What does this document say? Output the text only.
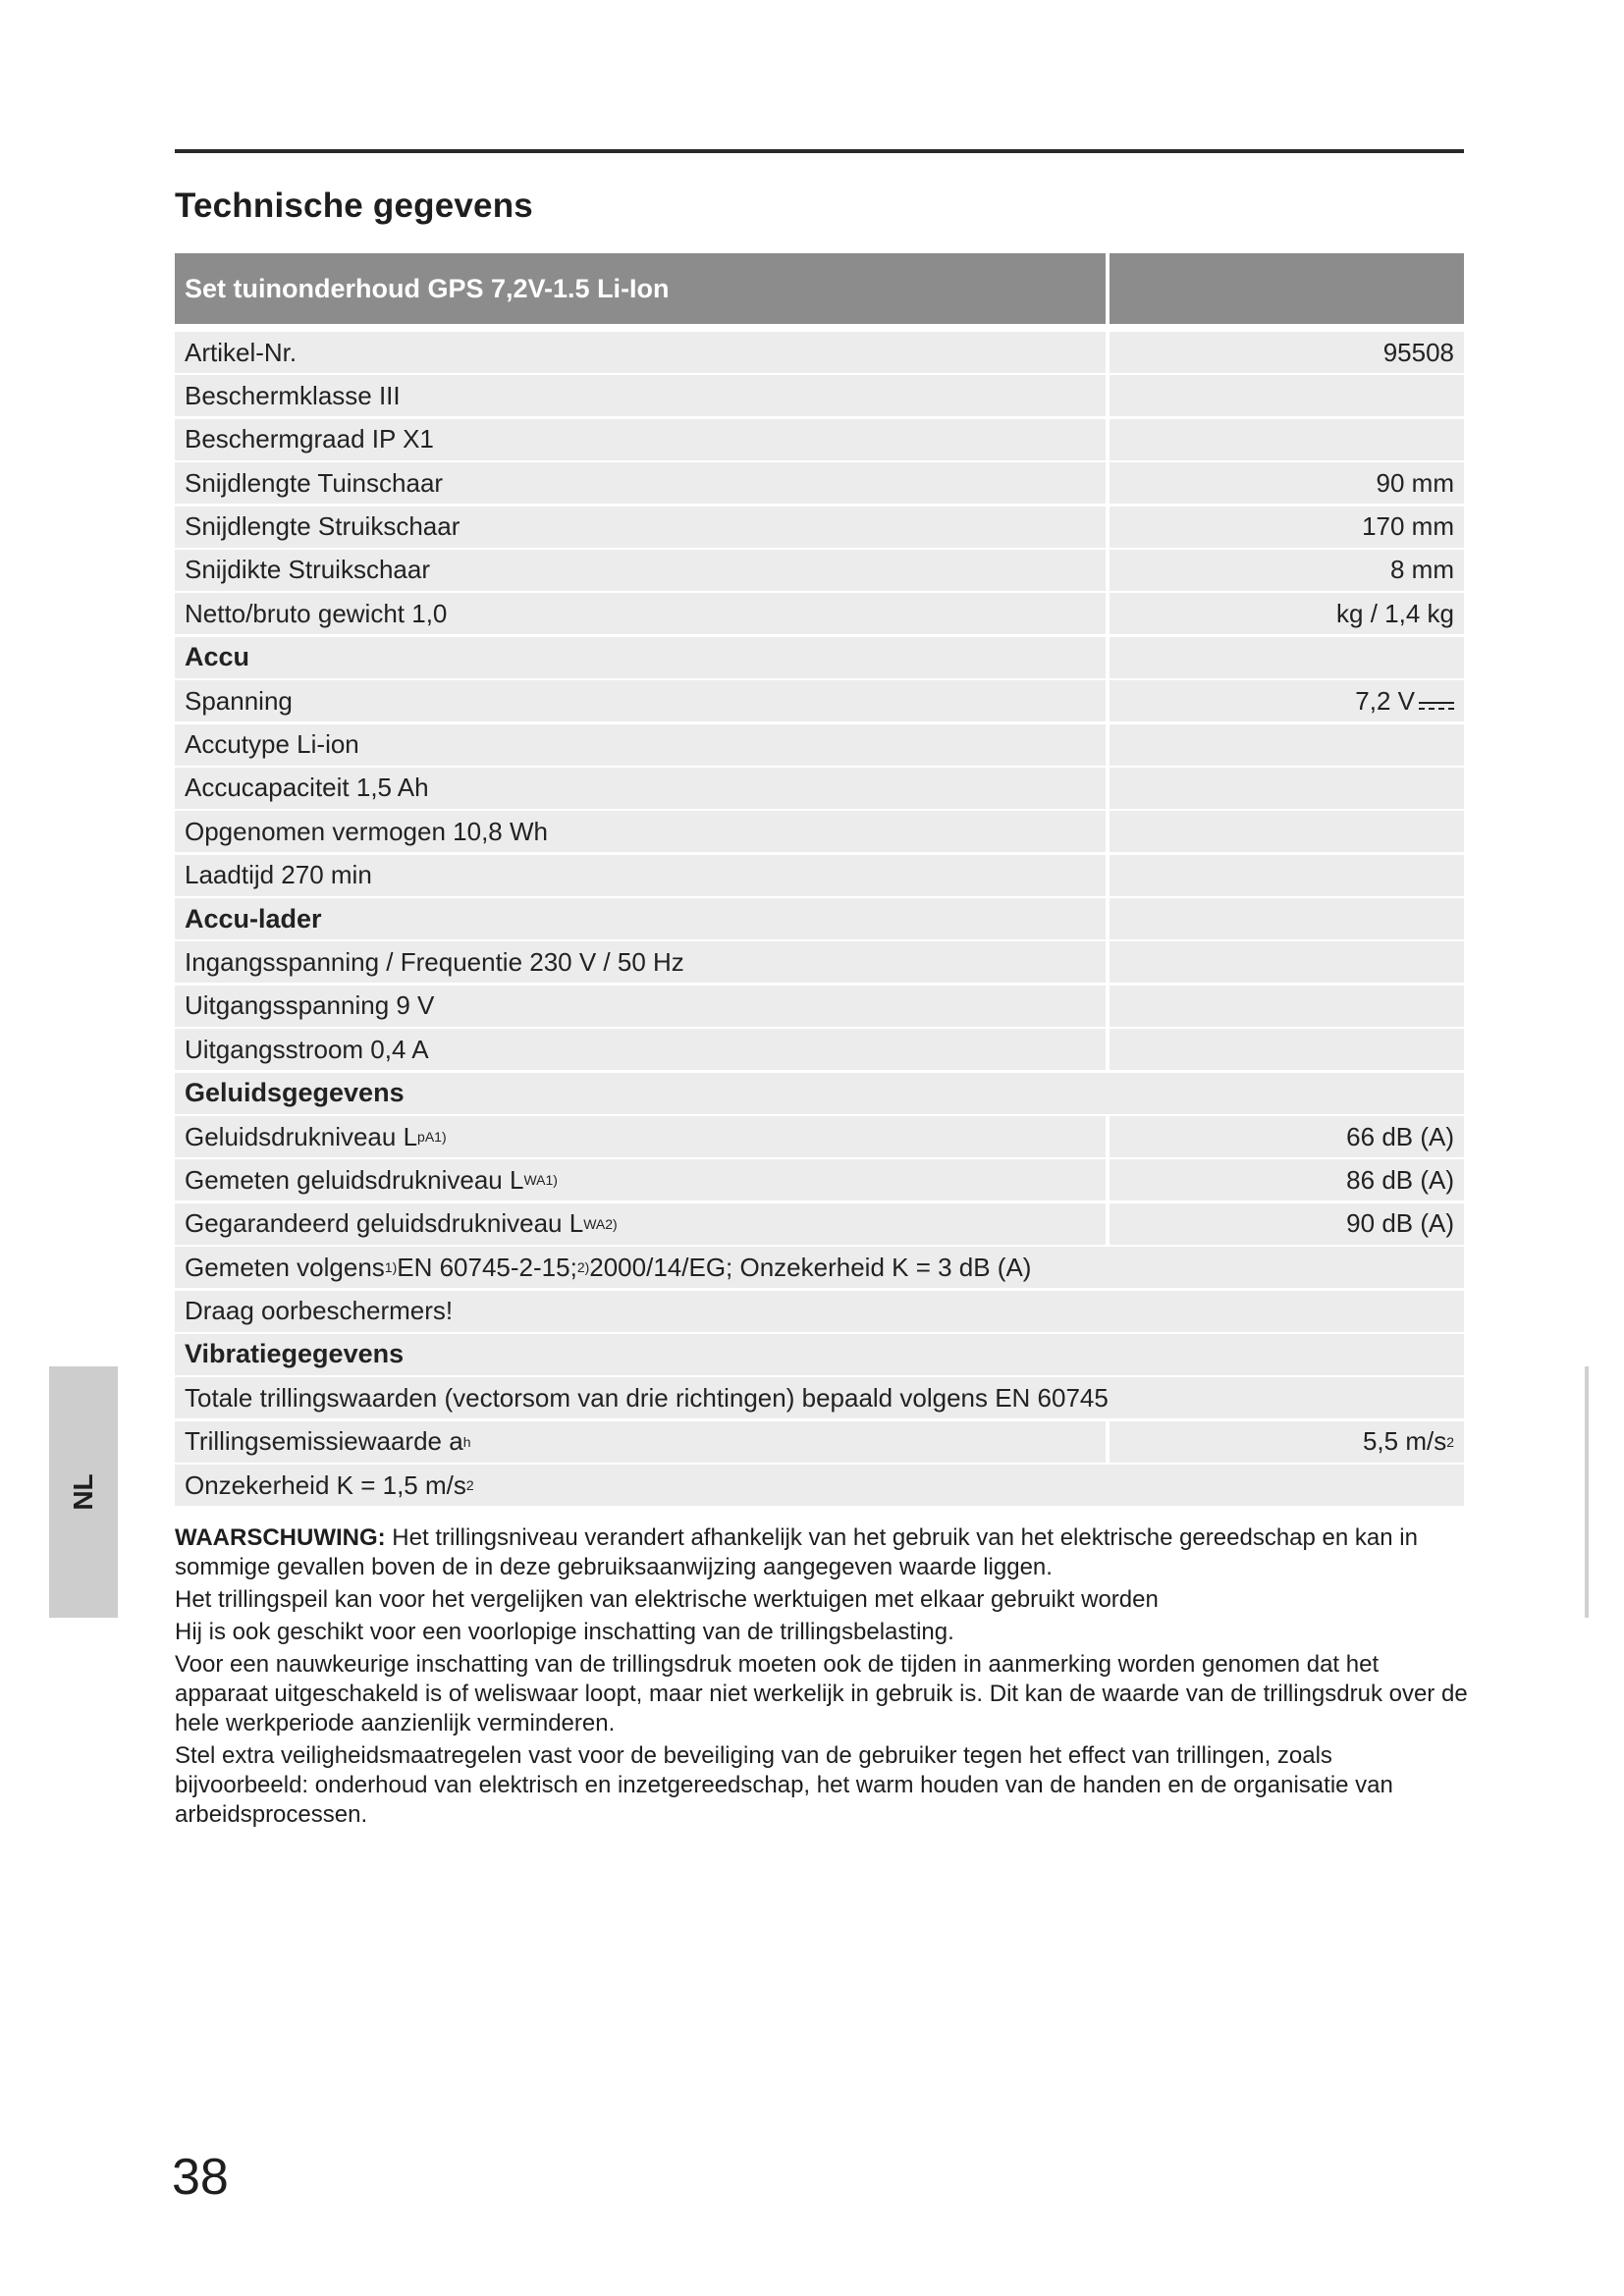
Technische gegevens
Set tuinonderhoud GPS 7,2V-1.5 Li-Ion
Artikel-Nr.	95508
Beschermklasse III
Beschermgraad IP X1
Snijdlengte Tuinschaar	90 mm
Snijdlengte Struikschaar	170 mm
Snijdikte Struikschaar	8 mm
Netto/bruto gewicht 1,0	kg / 1,4 kg
Accu
Spanning	7,2 V
Accutype Li-ion
Accucapaciteit 1,5 Ah
Opgenomen vermogen 10,8 Wh
Laadtijd 270 min
Accu-lader
Ingangsspanning / Frequentie 230 V / 50 Hz
Uitgangsspanning 9 V
Uitgangsstroom 0,4 A
Geluidsgegevens
Geluidsdrukniveau L pA 1)	66 dB (A)
Gemeten geluidsdrukniveau L WA 1)	86 dB (A)
Gegarandeerd geluidsdrukniveau L WA 2)	90 dB (A)
Gemeten volgens 1) EN 60745-2-15; 2) 2000/14/EG; Onzekerheid K = 3 dB (A)
Draag oorbeschermers!
Vibratiegegevens
Totale trillingswaarden (vectorsom van drie richtingen) bepaald volgens EN 60745
Trillingsemissiewaarde a h	5,5 m/s 2
Onzekerheid K = 1,5 m/s 2

WAARSCHUWING: Het trillingsniveau verandert afhankelijk van het gebruik van het elektrische gereedschap en kan in sommige gevallen boven de in deze gebruiksaanwijzing aangegeven waarde liggen.

Het trillingspeil kan voor het vergelijken van elektrische werktuigen met elkaar gebruikt worden

Hij is ook geschikt voor een voorlopige inschatting van de trillingsbelasting.

Voor een nauwkeurige inschatting van de trillingsdruk moeten ook de tijden in aanmerking worden genomen dat het apparaat uitgeschakeld is of weliswaar loopt, maar niet werkelijk in gebruik is. Dit kan de waarde van de trillingsdruk over de hele werkperiode aanzienlijk verminderen.

Stel extra veiligheidsmaatregelen vast voor de beveiliging van de gebruiker tegen het effect van trillingen, zoals bijvoorbeeld: onderhoud van elektrisch en inzetgereedschap, het warm houden van de handen en de organisatie van arbeidsprocessen.

NL
38
